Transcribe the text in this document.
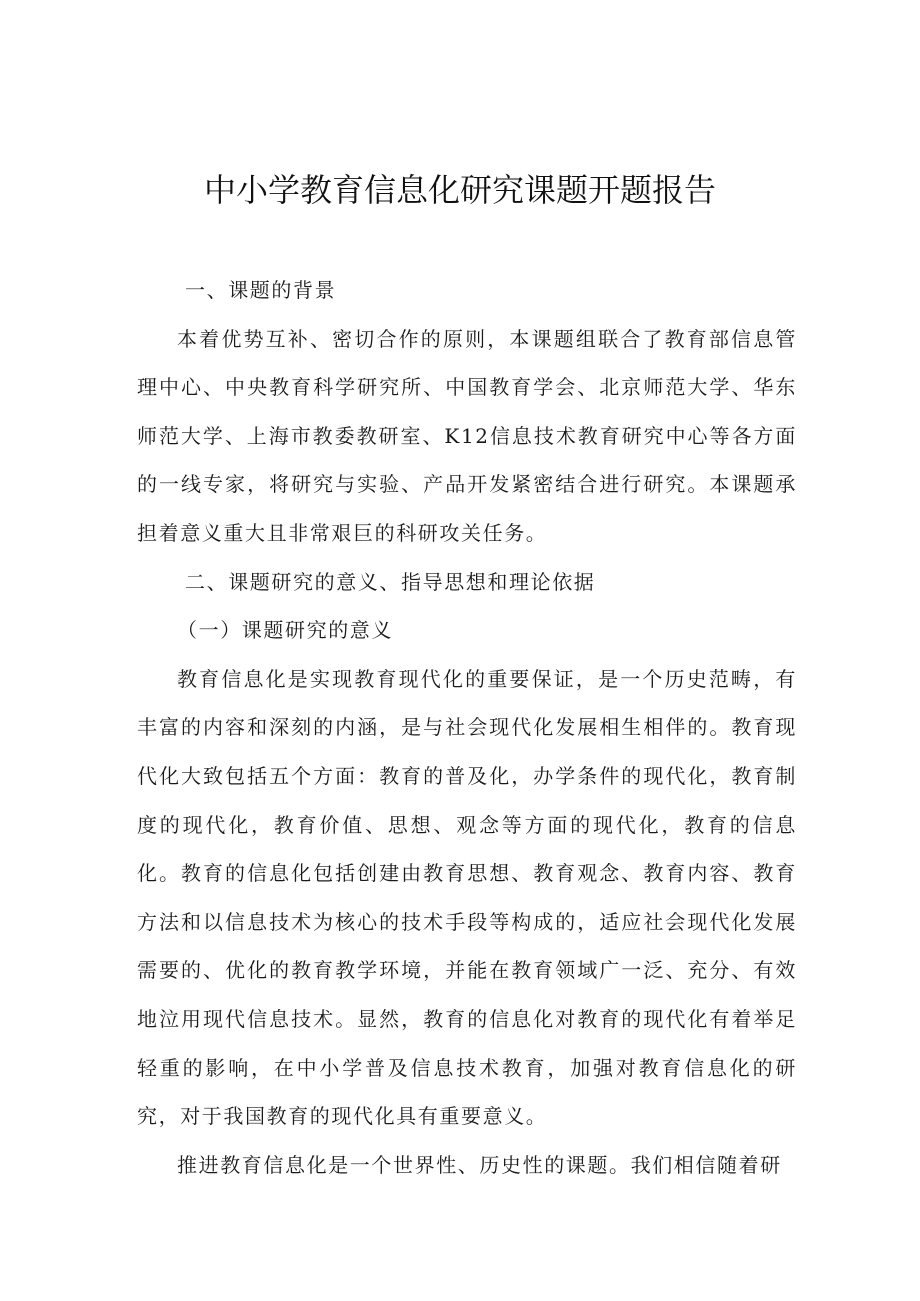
中小学教育信息化研究课题开题报告

一、课题的背景

本着优势互补、密切合作的原则，本课题组联合了教育部信息管理中心、中央教育科学研究所、中国教育学会、北京师范大学、华东师范大学、上海市教委教研室、K12信息技术教育研究中心等各方面的一线专家，将研究与实验、产品开发紧密结合进行研究。本课题承担着意义重大且非常艰巨的科研攻关任务。

二、课题研究的意义、指导思想和理论依据

（一）课题研究的意义

教育信息化是实现教育现代化的重要保证，是一个历史范畴，有丰富的内容和深刻的内涵，是与社会现代化发展相生相伴的。教育现代化大致包括五个方面：教育的普及化，办学条件的现代化，教育制度的现代化，教育价值、思想、观念等方面的现代化，教育的信息化。教育的信息化包括创建由教育思想、教育观念、教育内容、教育方法和以信息技术为核心的技术手段等构成的，适应社会现代化发展需要的、优化的教育教学环境，并能在教育领域广一泛、充分、有效地泣用现代信息技术。显然，教育的信息化对教育的现代化有着举足轻重的影响，在中小学普及信息技术教育，加强对教育信息化的研究，对于我国教育的现代化具有重要意义。

推进教育信息化是一个世界性、历史性的课题。我们相信随着研
